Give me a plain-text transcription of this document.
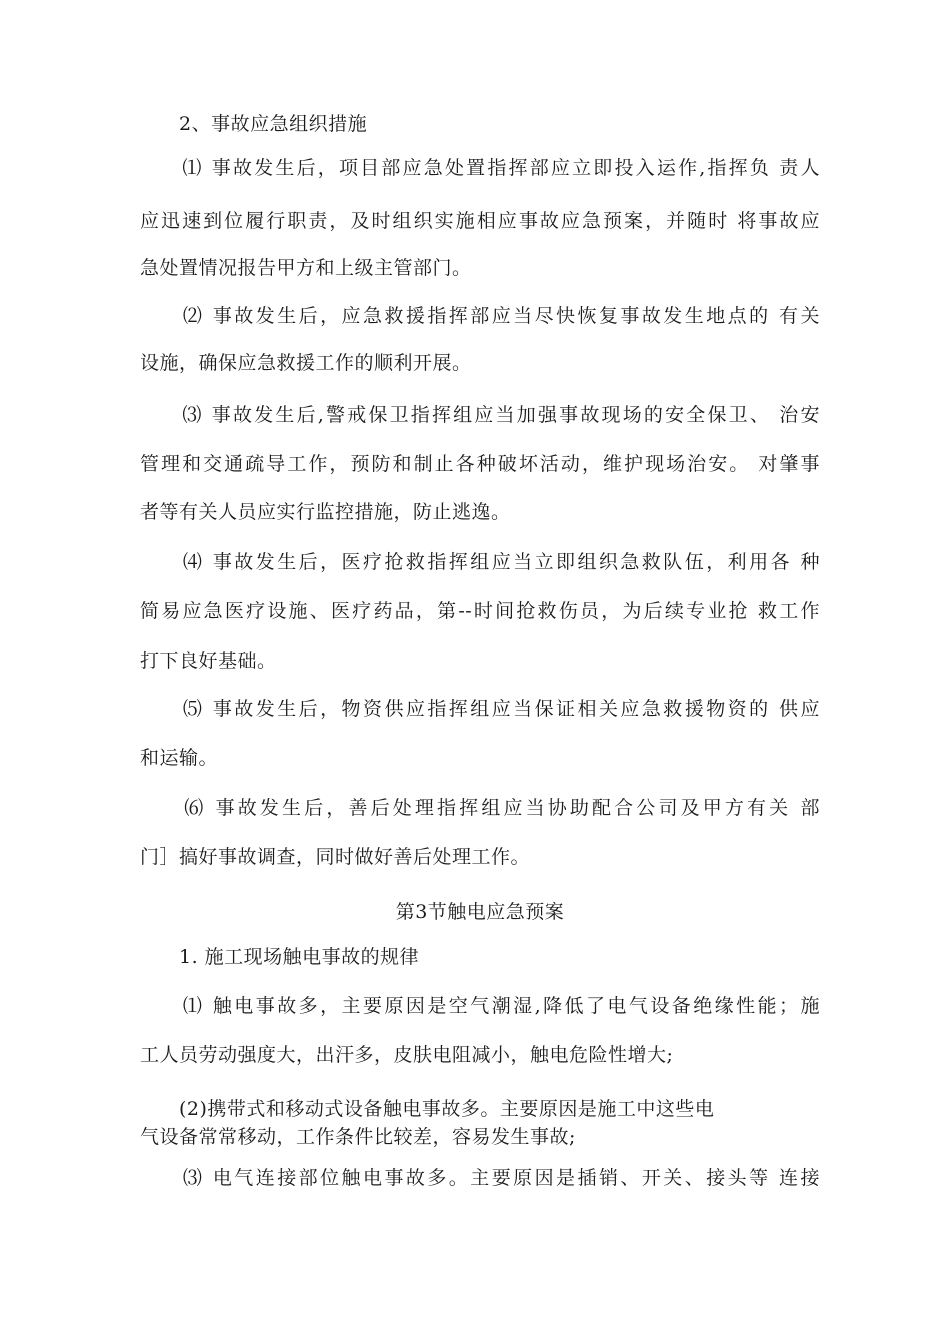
　　2、事故应急组织措施
　　⑴ 事故发生后，项目部应急处置指挥部应立即投入运作,指挥负 责人
应迅速到位履行职责，及时组织实施相应事故应急预案，并随时 将事故应
急处置情况报告甲方和上级主管部门。
　　⑵ 事故发生后，应急救援指挥部应当尽快恢复事故发生地点的 有关
设施，确保应急救援工作的顺利开展。
　　⑶ 事故发生后,警戒保卫指挥组应当加强事故现场的安全保卫、 治安
管理和交通疏导工作，预防和制止各种破坏活动，维护现场治安。 对肇事
者等有关人员应实行监控措施，防止逃逸。
　　⑷ 事故发生后，医疗抢救指挥组应当立即组织急救队伍，利用各 种
简易应急医疗设施、医疗药品，第--时间抢救伤员，为后续专业抢 救工作
打下良好基础。
　　⑸ 事故发生后，物资供应指挥组应当保证相关应急救援物资的 供应
和运输。
　　⑹ 事故发生后，善后处理指挥组应当协助配合公司及甲方有关 部
门］搞好事故调查，同时做好善后处理工作。
第3节触电应急预案
　　1. 施工现场触电事故的规律
　　⑴ 触电事故多，主要原因是空气潮湿,降低了电气设备绝缘性能；施
工人员劳动强度大，出汗多，皮肤电阻减小，触电危险性增大;
　　(2)携带式和移动式设备触电事故多。主要原因是施工中这些电
气设备常常移动，工作条件比较差，容易发生事故;
　　⑶ 电气连接部位触电事故多。主要原因是插销、开关、接头等 连接
